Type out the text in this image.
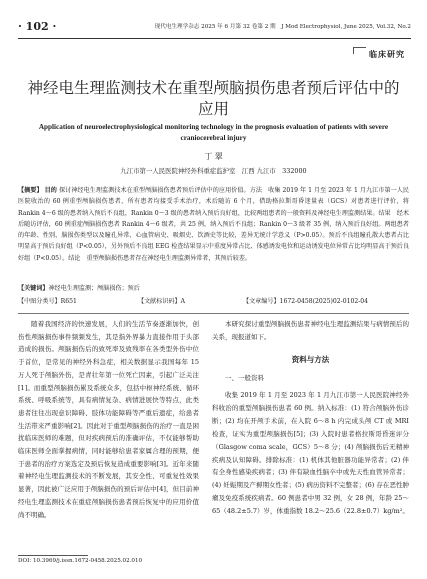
· 102 ·	现代电生理学杂志 2025 年 6 月第 32 卷第 2 期　J Mod Electrophysiol, June 2025, Vol.32, No.2
临床研究
神经电生理监测技术在重型颅脑损伤患者预后评估中的应用
Application of neuroelectrophysiological monitoring technology in the prognosis evaluation of patients with severe craniocerebral injury
丁 翠
九江市第一人民医院神经外科重症监护室　江西 九江市　332000
【摘要】 目的 探讨神经电生理监测技术在重型颅脑损伤患者预后评估中的应用价值。方法　收集 2019 年 1 月至 2023 年 1 月九江市第一人民医院收治的 60 例重型颅脑损伤患者，所有患者均接受手术治疗，术后随访 6 个月，借助格拉斯哥昏迷量表（GCS）对患者进行评价，将 Rankin 4～6 级的患者纳入预后不良组，Rankin 0～3 级的患者纳入预后良好组，比较两组患者的一般资料及神经电生理监测结果。结果　经术后随访评估，60 例重症颅脑损伤患者 Rankin 4～6 级者，共 25 例，纳入预后不良组；Rankin 0～3 级者 35 例，纳入预后良好组。两组患者的年龄、性别、脑损伤类型以及瞳孔异常、心血管病史、吸烟史、饮酒史等比较，差异无统计学意义（P>0.05）。预后不良组瞳孔散大患者占比明显高于预后良好组（P<0.05），另外预后不良组 EEG 检查结果显示中重度异常占比、体感诱发电位和运动诱发电位异常占比均明显高于预后良好组（P<0.05）。结论　重型颅脑损伤患者存在神经电生理监测异常者，其预后较差。
【关键词】神经电生理监测；颅脑损伤；预后
【中图分类号】R651	【文献标识码】A	【文章编号】1672-0458(2025)02-0102-04
随着我国经济的快速发展，人们的生活节奏逐渐加快，创伤性颅脑损伤事件频频发生，其是指外界暴力直接作用于头部造成的损伤。颅脑损伤后的致死率及致残率在各类型外伤中位于首位，是常见的神经外科急症，相关数据显示我国每年 15 万人死于颅脑外伤，是青壮年第一位死亡因素，引起广泛关注[1]。而重型颅脑损伤累及系统众多，包括中枢神经系统、循环系统、呼吸系统等，具有病情复杂、病情进展快等特点，此类患者往往出现意识障碍、肢体功能障碍等严重后遗症，给患者生活带来严重影响[2]。因此对于重型颅脑损伤的治疗一直是困扰临床医师的难题，但对疾病预后的准确评估，不仅能够帮助临床医师全面掌握病情，同时能够给患者家属合理的预期，便于患者的治疗方案选定及预后恢复造成重要影响[3]。近年来随着神经电生理监测技术的不断发展，其安全性、可重复性效果显著，因此被广泛应用于颅脑损伤的预后评估中[4]，但目前神经电生理监测技术在重症颅脑损伤患者预后恢复中的应用价值尚不明确。
本研究探讨重型颅脑损伤患者神经电生理监测结果与病情预后的关系，现报道如下。
资料与方法
一、一般资料
收集 2019 年 1 月至 2023 年 1 月九江市第一人民医院神经外科收治的重型颅脑损伤患者 60 例。纳入标准：(1) 符合颅脑外伤诊断；(2) 均在开颅手术前，在入院 6～8 h 内完成头颅 CT 或 MRI 检查，证实为重型颅脑损伤[5]；(3) 入院时患者格拉斯哥昏迷评分（Glasgow coma scale，GCS）5～8 分；(4) 颅脑损伤后无精神疾病及认知障碍。排除标准：(1) 机体其他脏器功能异常者；(2) 伴有全身性感染疾病者；(3) 伴有缺血性脑卒中或先天性血管异常者；(4) 妊娠期及产褥期女性者；(5) 病历资料不完整者；(6) 存在恶性肿瘤及免疫系统疾病者。60 例患者中男 32 例，女 28 例，年龄 25～65（48.2±5.7）岁，体重指数 18.2～25.6（22.8±0.7）kg/m²。
DOI: 10.3969/j.issn.1672-0458.2025.02.010
